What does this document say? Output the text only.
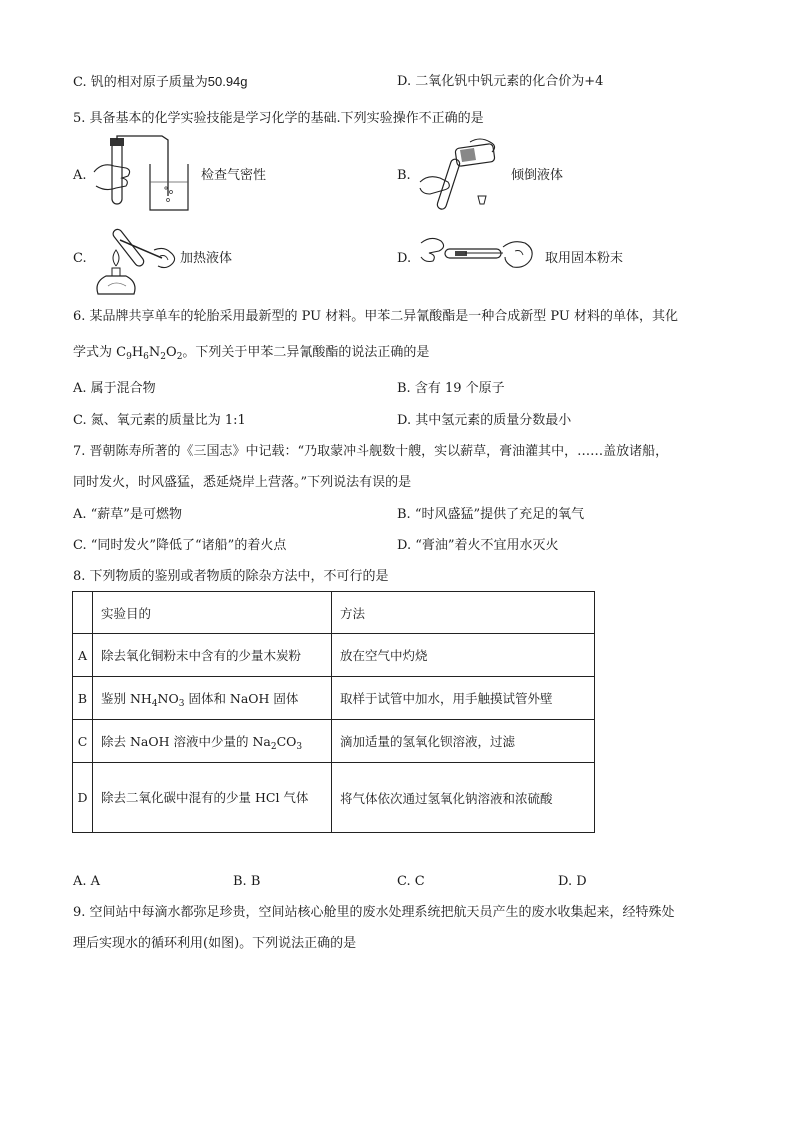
C. 钒的相对原子质量为50.94g	D. 二氧化钒中钒元素的化合价为+4
5. 具备基本的化学实验技能是学习化学的基础.下列实验操作不正确的是
A.	检查气密性	B.	倾倒液体
C.	加热液体	D.	取用固本粉末
6. 某品牌共享单车的轮胎采用最新型的 PU 材料。甲苯二异氰酸酯是一种合成新型 PU 材料的单体，其化
学式为 $C_9H_6N_2O_2$。下列关于甲苯二异氰酸酯的说法正确的是
A. 属于混合物	B. 含有 19 个原子
C. 氮、氧元素的质量比为 1:1	D. 其中氢元素的质量分数最小
7. 晋朝陈寿所著的《三国志》中记载：“乃取蒙冲斗舰数十艘，实以薪草，膏油灌其中，……盖放诸船，
同时发火，时风盛猛，悉延烧岸上营落。”下列说法有误的是
A. “薪草”是可燃物	B. “时风盛猛”提供了充足的氧气
C. “同时发火”降低了“诸船”的着火点	D. “膏油”着火不宜用水灭火
8. 下列物质的鉴别或者物质的除杂方法中，不可行的是
	实验目的	方法
A	除去氧化铜粉末中含有的少量木炭粉	放在空气中灼烧
B	鉴别 $NH_4NO_3$ 固体和 NaOH 固体	取样于试管中加水，用手触摸试管外壁
C	除去 NaOH 溶液中少量的 $Na_2CO_3$	滴加适量的氢氧化钡溶液，过滤
D	除去二氧化碳中混有的少量 HCl 气体	将气体依次通过氢氧化钠溶液和浓硫酸
A. A	B. B	C. C	D. D
9. 空间站中每滴水都弥足珍贵，空间站核心舱里的废水处理系统把航天员产生的废水收集起来，经特殊处
理后实现水的循环利用(如图)。下列说法正确的是
